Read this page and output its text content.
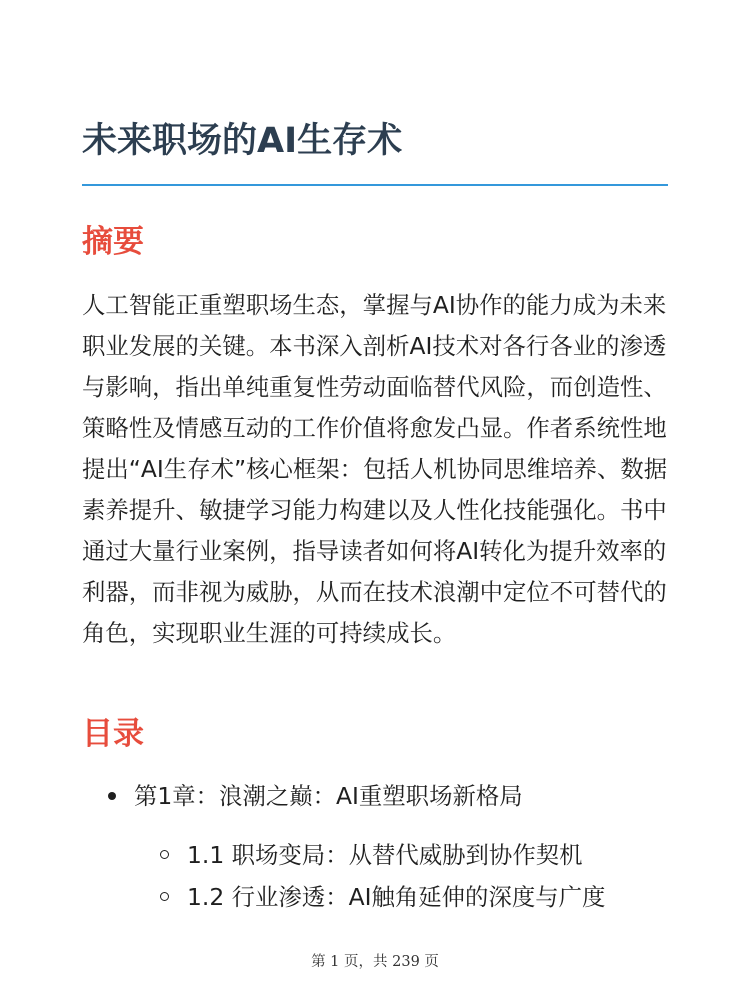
未来职场的AI生存术
摘要

人工智能正重塑职场生态，掌握与AI协作的能力成为未来职业发展的关键。本书深入剖析AI技术对各行各业的渗透与影响，指出单纯重复性劳动面临替代风险，而创造性、策略性及情感互动的工作价值将愈发凸显。作者系统性地提出“AI生存术”核心框架：包括人机协同思维培养、数据素养提升、敏捷学习能力构建以及人性化技能强化。书中通过大量行业案例，指导读者如何将AI转化为提升效率的利器，而非视为威胁，从而在技术浪潮中定位不可替代的角色，实现职业生涯的可持续成长。

目录
第1章：浪潮之巅：AI重塑职场新格局
1.1 职场变局：从替代威胁到协作契机
1.2 行业渗透：AI触角延伸的深度与广度

第 1 页，共 239 页
